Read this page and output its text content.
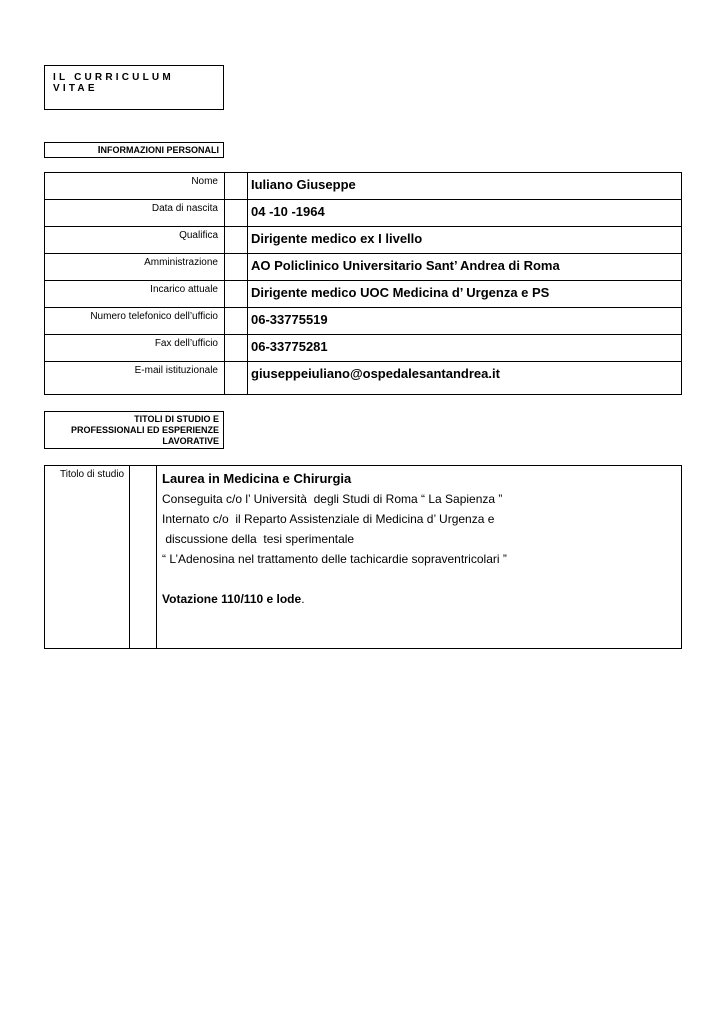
IL CURRICULUM VITAE
INFORMAZIONI PERSONALI
Nome		Iuliano Giuseppe
Data di nascita		04 -10 -1964
Qualifica		Dirigente medico ex I livello
Amministrazione		AO Policlinico Universitario Sant’ Andrea di Roma
Incarico attuale		Dirigente medico UOC Medicina d’ Urgenza e PS
Numero telefonico dell’ufficio		06-33775519
Fax dell’ufficio		06-33775281
E-mail istituzionale		giuseppeiuliano@ospedalesantandrea.it
TITOLI DI STUDIO E
PROFESSIONALI ED ESPERIENZE
LAVORATIVE
Titolo di studio		Laurea in Medicina e Chirurgia
Conseguita c/o l’ Università  degli Studi di Roma “ La Sapienza ”
Internato c/o  il Reparto Assistenziale di Medicina d’ Urgenza e
discussione della  tesi sperimentale
“ L’Adenosina nel trattamento delle tachicardie sopraventricolari ”
Votazione 110/110 e lode.
